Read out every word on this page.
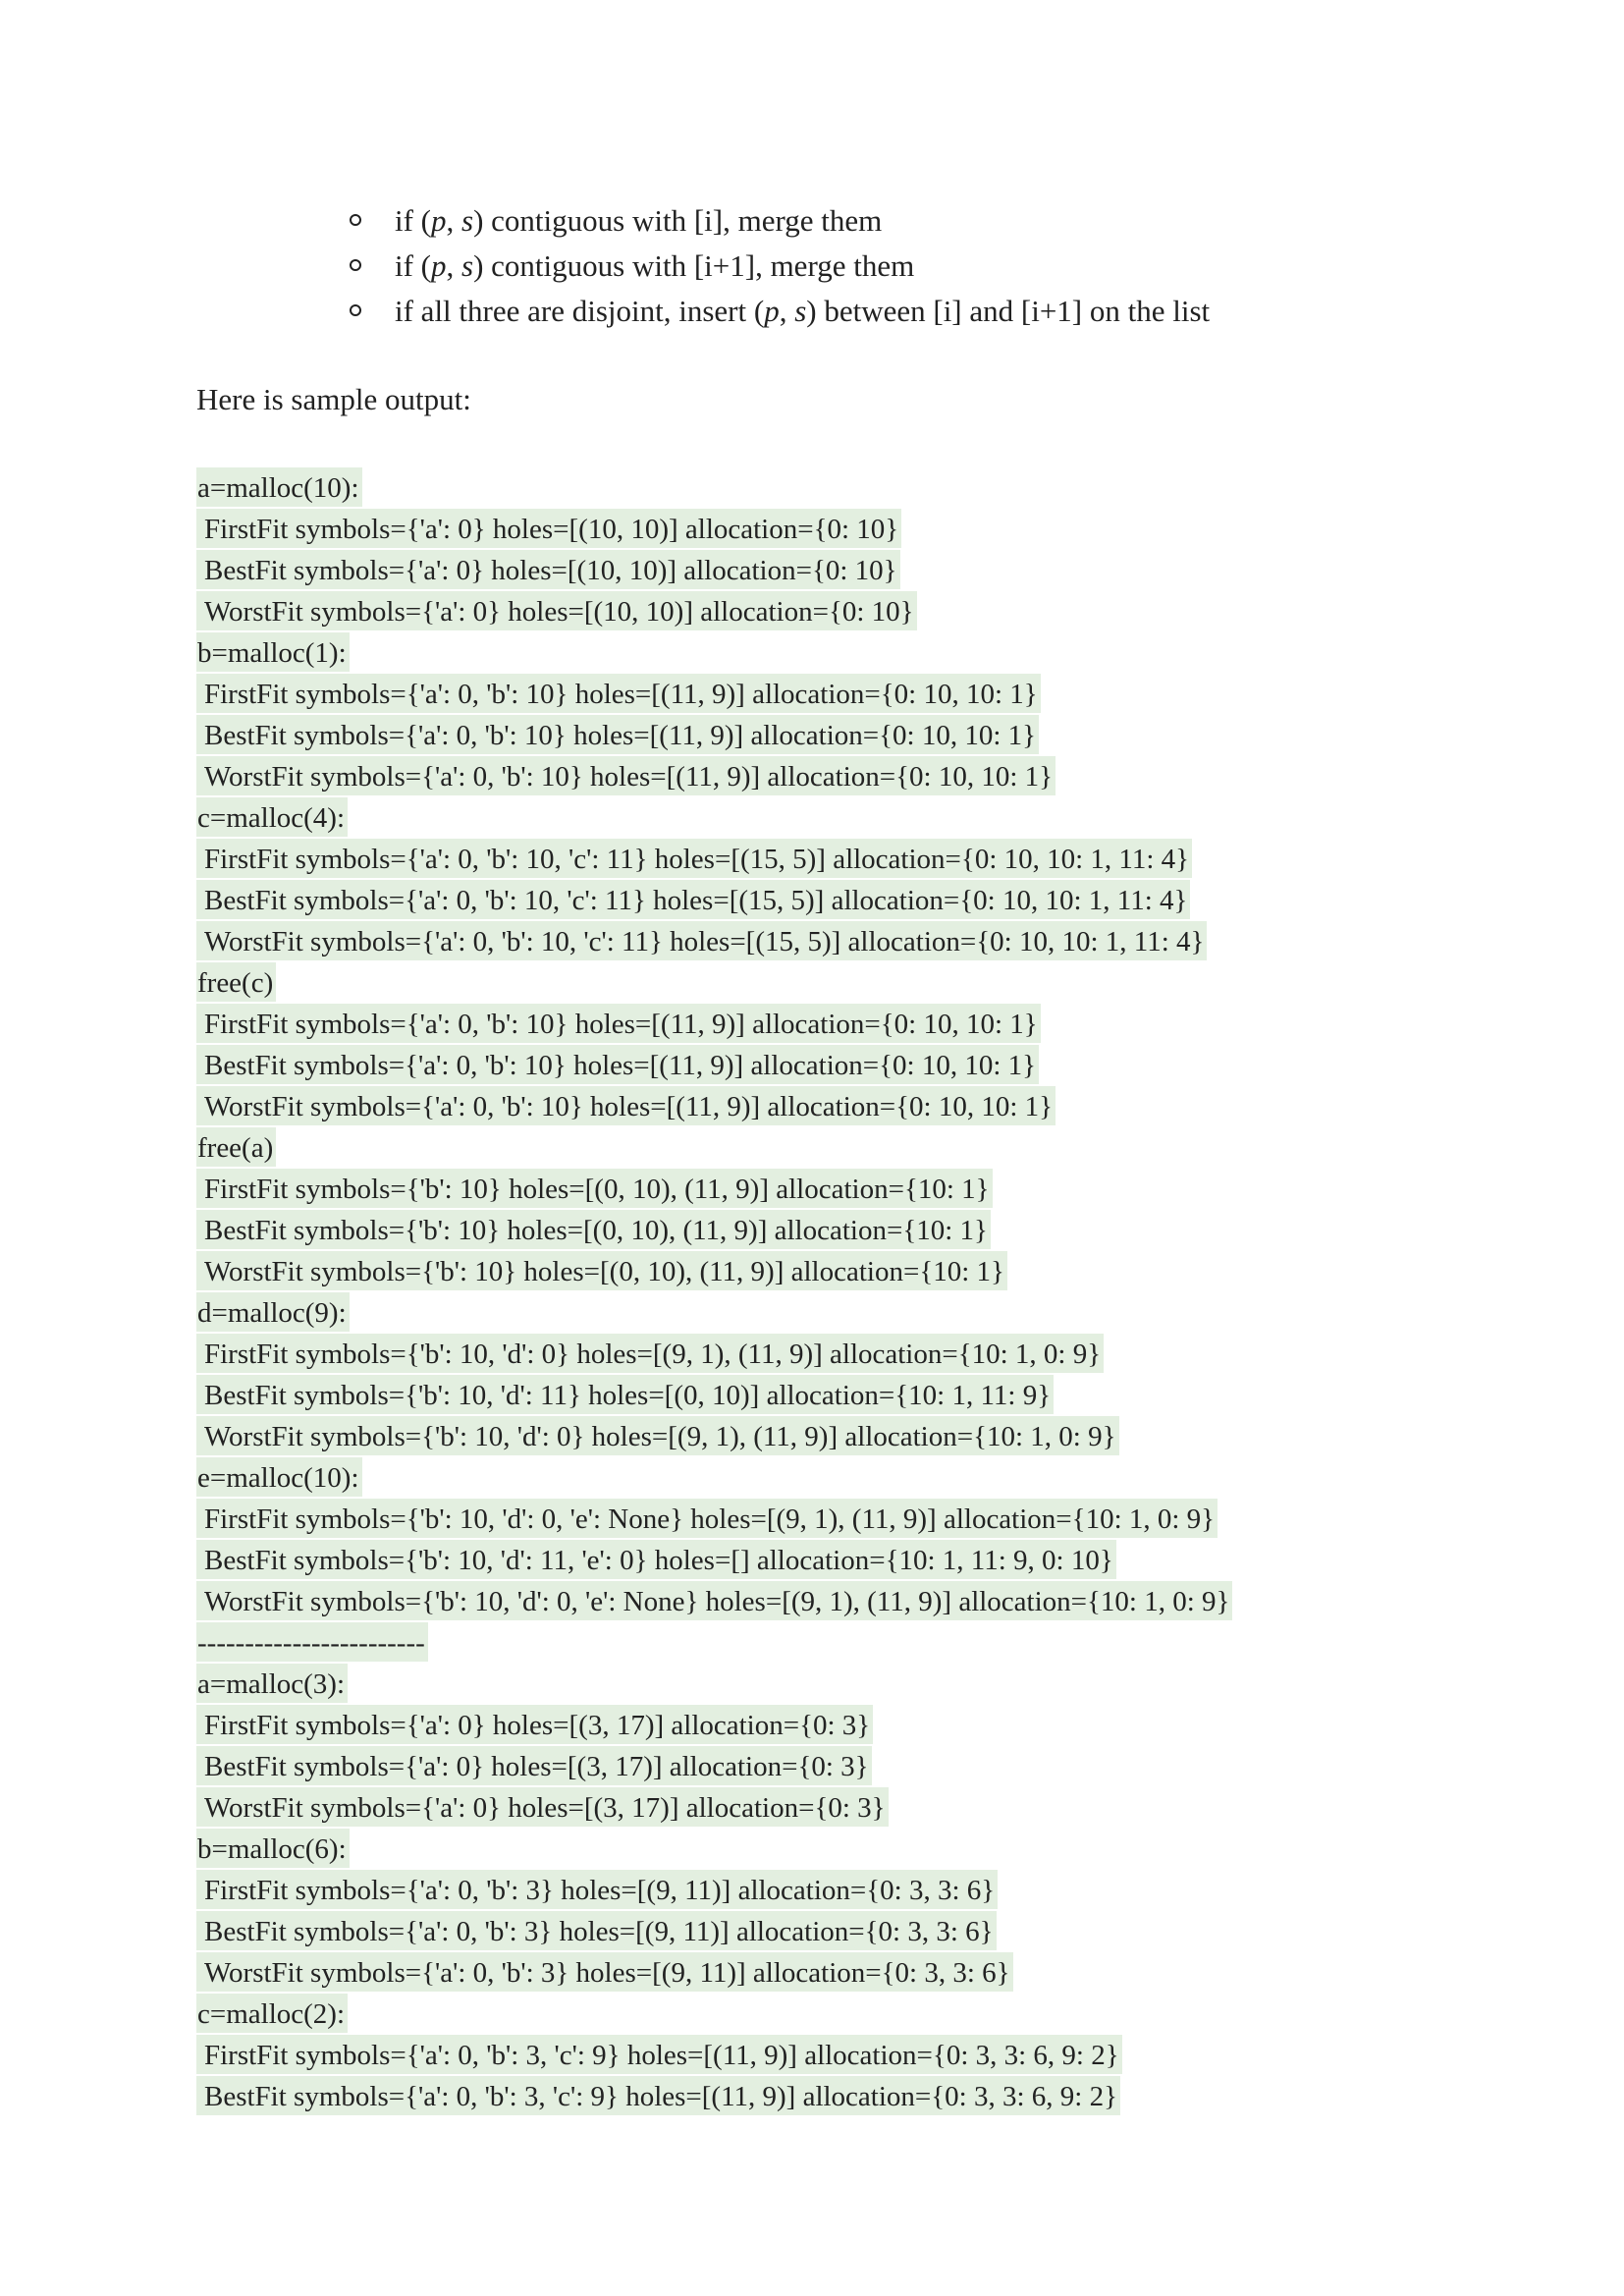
if (p, s) contiguous with [i], merge them
if (p, s) contiguous with [i+1], merge them
if all three are disjoint, insert (p, s) between [i] and [i+1] on the list
Here is sample output:
a=malloc(10):
FirstFit symbols={'a': 0} holes=[(10, 10)] allocation={0: 10}
BestFit symbols={'a': 0} holes=[(10, 10)] allocation={0: 10}
WorstFit symbols={'a': 0} holes=[(10, 10)] allocation={0: 10}
b=malloc(1):
FirstFit symbols={'a': 0, 'b': 10} holes=[(11, 9)] allocation={0: 10, 10: 1}
BestFit symbols={'a': 0, 'b': 10} holes=[(11, 9)] allocation={0: 10, 10: 1}
WorstFit symbols={'a': 0, 'b': 10} holes=[(11, 9)] allocation={0: 10, 10: 1}
c=malloc(4):
FirstFit symbols={'a': 0, 'b': 10, 'c': 11} holes=[(15, 5)] allocation={0: 10, 10: 1, 11: 4}
BestFit symbols={'a': 0, 'b': 10, 'c': 11} holes=[(15, 5)] allocation={0: 10, 10: 1, 11: 4}
WorstFit symbols={'a': 0, 'b': 10, 'c': 11} holes=[(15, 5)] allocation={0: 10, 10: 1, 11: 4}
free(c)
FirstFit symbols={'a': 0, 'b': 10} holes=[(11, 9)] allocation={0: 10, 10: 1}
BestFit symbols={'a': 0, 'b': 10} holes=[(11, 9)] allocation={0: 10, 10: 1}
WorstFit symbols={'a': 0, 'b': 10} holes=[(11, 9)] allocation={0: 10, 10: 1}
free(a)
FirstFit symbols={'b': 10} holes=[(0, 10), (11, 9)] allocation={10: 1}
BestFit symbols={'b': 10} holes=[(0, 10), (11, 9)] allocation={10: 1}
WorstFit symbols={'b': 10} holes=[(0, 10), (11, 9)] allocation={10: 1}
d=malloc(9):
FirstFit symbols={'b': 10, 'd': 0} holes=[(9, 1), (11, 9)] allocation={10: 1, 0: 9}
BestFit symbols={'b': 10, 'd': 11} holes=[(0, 10)] allocation={10: 1, 11: 9}
WorstFit symbols={'b': 10, 'd': 0} holes=[(9, 1), (11, 9)] allocation={10: 1, 0: 9}
e=malloc(10):
FirstFit symbols={'b': 10, 'd': 0, 'e': None} holes=[(9, 1), (11, 9)] allocation={10: 1, 0: 9}
BestFit symbols={'b': 10, 'd': 11, 'e': 0} holes=[] allocation={10: 1, 11: 9, 0: 10}
WorstFit symbols={'b': 10, 'd': 0, 'e': None} holes=[(9, 1), (11, 9)] allocation={10: 1, 0: 9}
------------------------
a=malloc(3):
FirstFit symbols={'a': 0} holes=[(3, 17)] allocation={0: 3}
BestFit symbols={'a': 0} holes=[(3, 17)] allocation={0: 3}
WorstFit symbols={'a': 0} holes=[(3, 17)] allocation={0: 3}
b=malloc(6):
FirstFit symbols={'a': 0, 'b': 3} holes=[(9, 11)] allocation={0: 3, 3: 6}
BestFit symbols={'a': 0, 'b': 3} holes=[(9, 11)] allocation={0: 3, 3: 6}
WorstFit symbols={'a': 0, 'b': 3} holes=[(9, 11)] allocation={0: 3, 3: 6}
c=malloc(2):
FirstFit symbols={'a': 0, 'b': 3, 'c': 9} holes=[(11, 9)] allocation={0: 3, 3: 6, 9: 2}
BestFit symbols={'a': 0, 'b': 3, 'c': 9} holes=[(11, 9)] allocation={0: 3, 3: 6, 9: 2}
